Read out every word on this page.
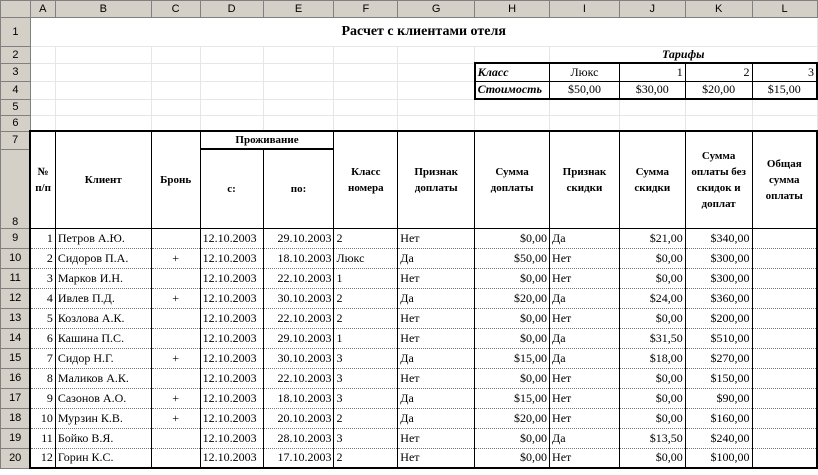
	A	B	C	D	E	F	G	H	I	J	K	L
1	Расчет с клиентами отеля											

2									Тарифы			
3								Класс	Люкс	1	2	3
4								Стоимость	$50,00	$30,00	$20,00	$15,00
5												
6												
7	№ п/п	Клиент	Бронь	Проживание		Класс номера	Признак доплаты	Сумма доплаты	Признак скидки	Сумма скидки	Сумма оплаты без скидок и доплат	Общая сумма оплаты
8				с:	по:							
9	1	Петров А.Ю.		12.10.2003	29.10.2003	2	Нет	$0,00	Да	$21,00	$340,00	
10	2	Сидоров П.А.	+	12.10.2003	18.10.2003	Люкс	Да	$50,00	Нет	$0,00	$300,00	
11	3	Марков И.Н.		12.10.2003	22.10.2003	1	Нет	$0,00	Нет	$0,00	$300,00	
12	4	Ивлев П.Д.	+	12.10.2003	30.10.2003	2	Да	$20,00	Да	$24,00	$360,00	
13	5	Козлова А.К.		12.10.2003	22.10.2003	2	Нет	$0,00	Нет	$0,00	$200,00	
14	6	Кашина П.С.		12.10.2003	29.10.2003	1	Нет	$0,00	Да	$31,50	$510,00	
15	7	Сидор Н.Г.	+	12.10.2003	30.10.2003	3	Да	$15,00	Да	$18,00	$270,00	
16	8	Маликов А.К.		12.10.2003	22.10.2003	3	Нет	$0,00	Нет	$0,00	$150,00	
17	9	Сазонов А.О.	+	12.10.2003	18.10.2003	3	Да	$15,00	Нет	$0,00	$90,00	
18	10	Мурзин К.В.	+	12.10.2003	20.10.2003	2	Да	$20,00	Нет	$0,00	$160,00	
19	11	Бойко В.Я.		12.10.2003	28.10.2003	3	Нет	$0,00	Да	$13,50	$240,00	
20	12	Горин К.С.		12.10.2003	17.10.2003	2	Нет	$0,00	Нет	$0,00	$100,00	
